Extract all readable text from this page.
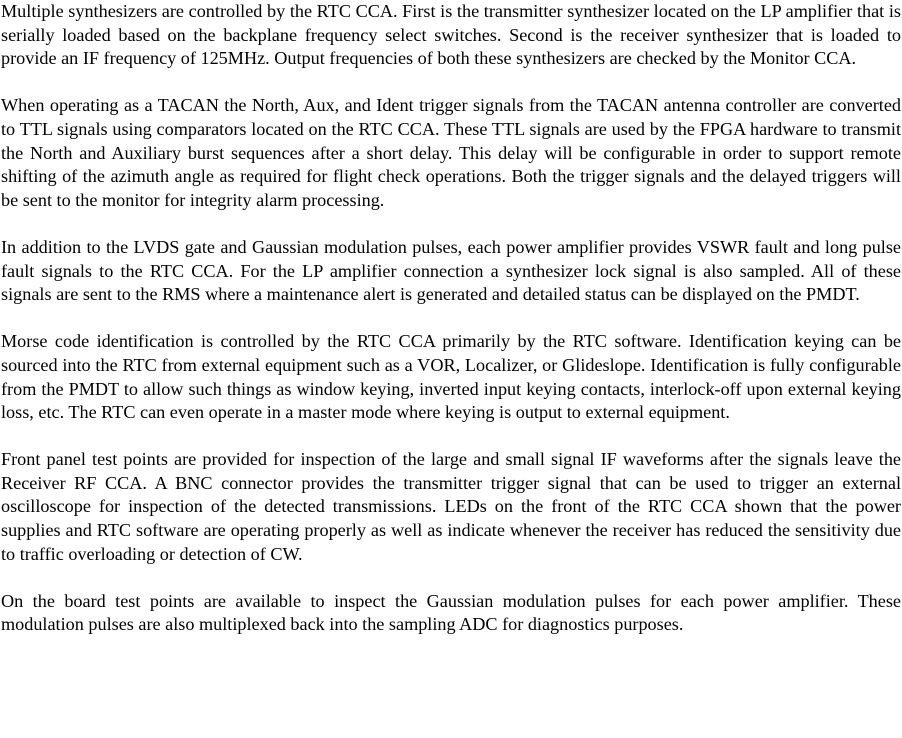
Multiple synthesizers are controlled by the RTC CCA. First is the transmitter synthesizer located on the LP amplifier that is serially loaded based on the backplane frequency select switches. Second is the receiver synthesizer that is loaded to provide an IF frequency of 125MHz. Output frequencies of both these synthesizers are checked by the Monitor CCA.

When operating as a TACAN the North, Aux, and Ident trigger signals from the TACAN antenna controller are converted to TTL signals using comparators located on the RTC CCA. These TTL signals are used by the FPGA hardware to transmit the North and Auxiliary burst sequences after a short delay. This delay will be configurable in order to support remote shifting of the azimuth angle as required for flight check operations. Both the trigger signals and the delayed triggers will be sent to the monitor for integrity alarm processing.

In addition to the LVDS gate and Gaussian modulation pulses, each power amplifier provides VSWR fault and long pulse fault signals to the RTC CCA. For the LP amplifier connection a synthesizer lock signal is also sampled. All of these signals are sent to the RMS where a maintenance alert is generated and detailed status can be displayed on the PMDT.

Morse code identification is controlled by the RTC CCA primarily by the RTC software. Identification keying can be sourced into the RTC from external equipment such as a VOR, Localizer, or Glideslope. Identification is fully configurable from the PMDT to allow such things as window keying, inverted input keying contacts, interlock-off upon external keying loss, etc. The RTC can even operate in a master mode where keying is output to external equipment.

Front panel test points are provided for inspection of the large and small signal IF waveforms after the signals leave the Receiver RF CCA. A BNC connector provides the transmitter trigger signal that can be used to trigger an external oscilloscope for inspection of the detected transmissions. LEDs on the front of the RTC CCA shown that the power supplies and RTC software are operating properly as well as indicate whenever the receiver has reduced the sensitivity due to traffic overloading or detection of CW.

On the board test points are available to inspect the Gaussian modulation pulses for each power amplifier. These modulation pulses are also multiplexed back into the sampling ADC for diagnostics purposes.
